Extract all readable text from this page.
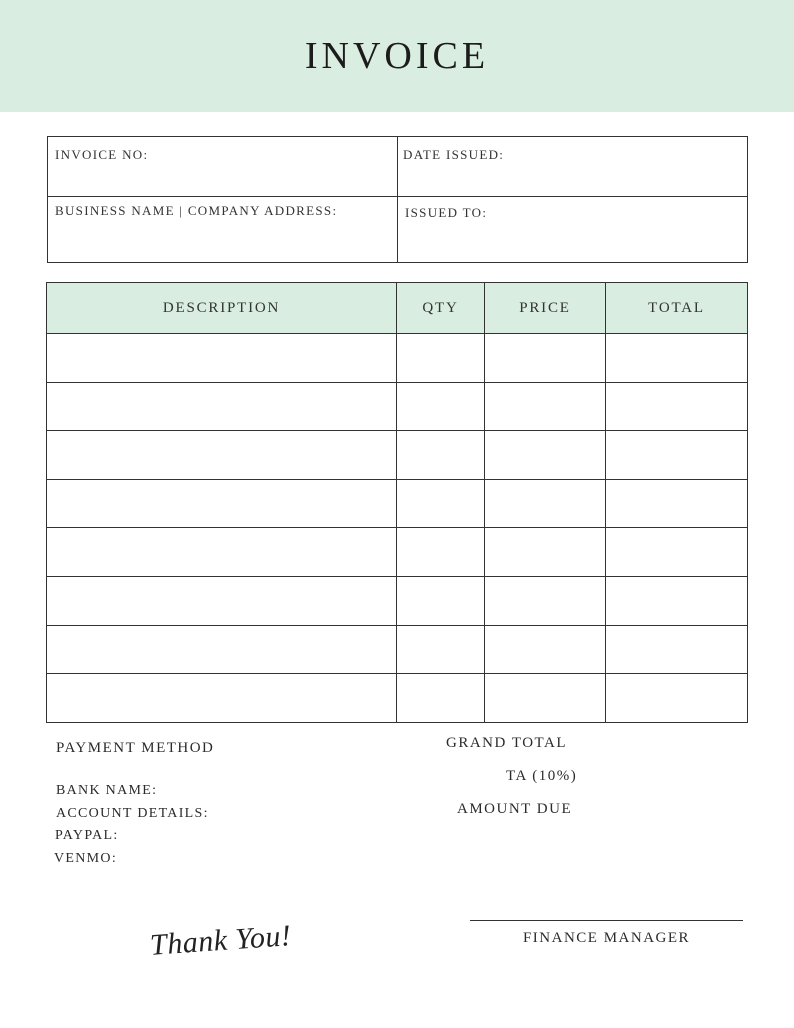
INVOICE
INVOICE NO:	DATE ISSUED:
BUSINESS NAME | COMPANY ADDRESS:	ISSUED TO:
DESCRIPTION	QTY	PRICE	TOTAL

PAYMENT METHOD
BANK NAME:
ACCOUNT DETAILS:
PAYPAL:
VENMO:
GRAND TOTAL
TA (10%)
AMOUNT DUE
Thank You!	FINANCE MANAGER
